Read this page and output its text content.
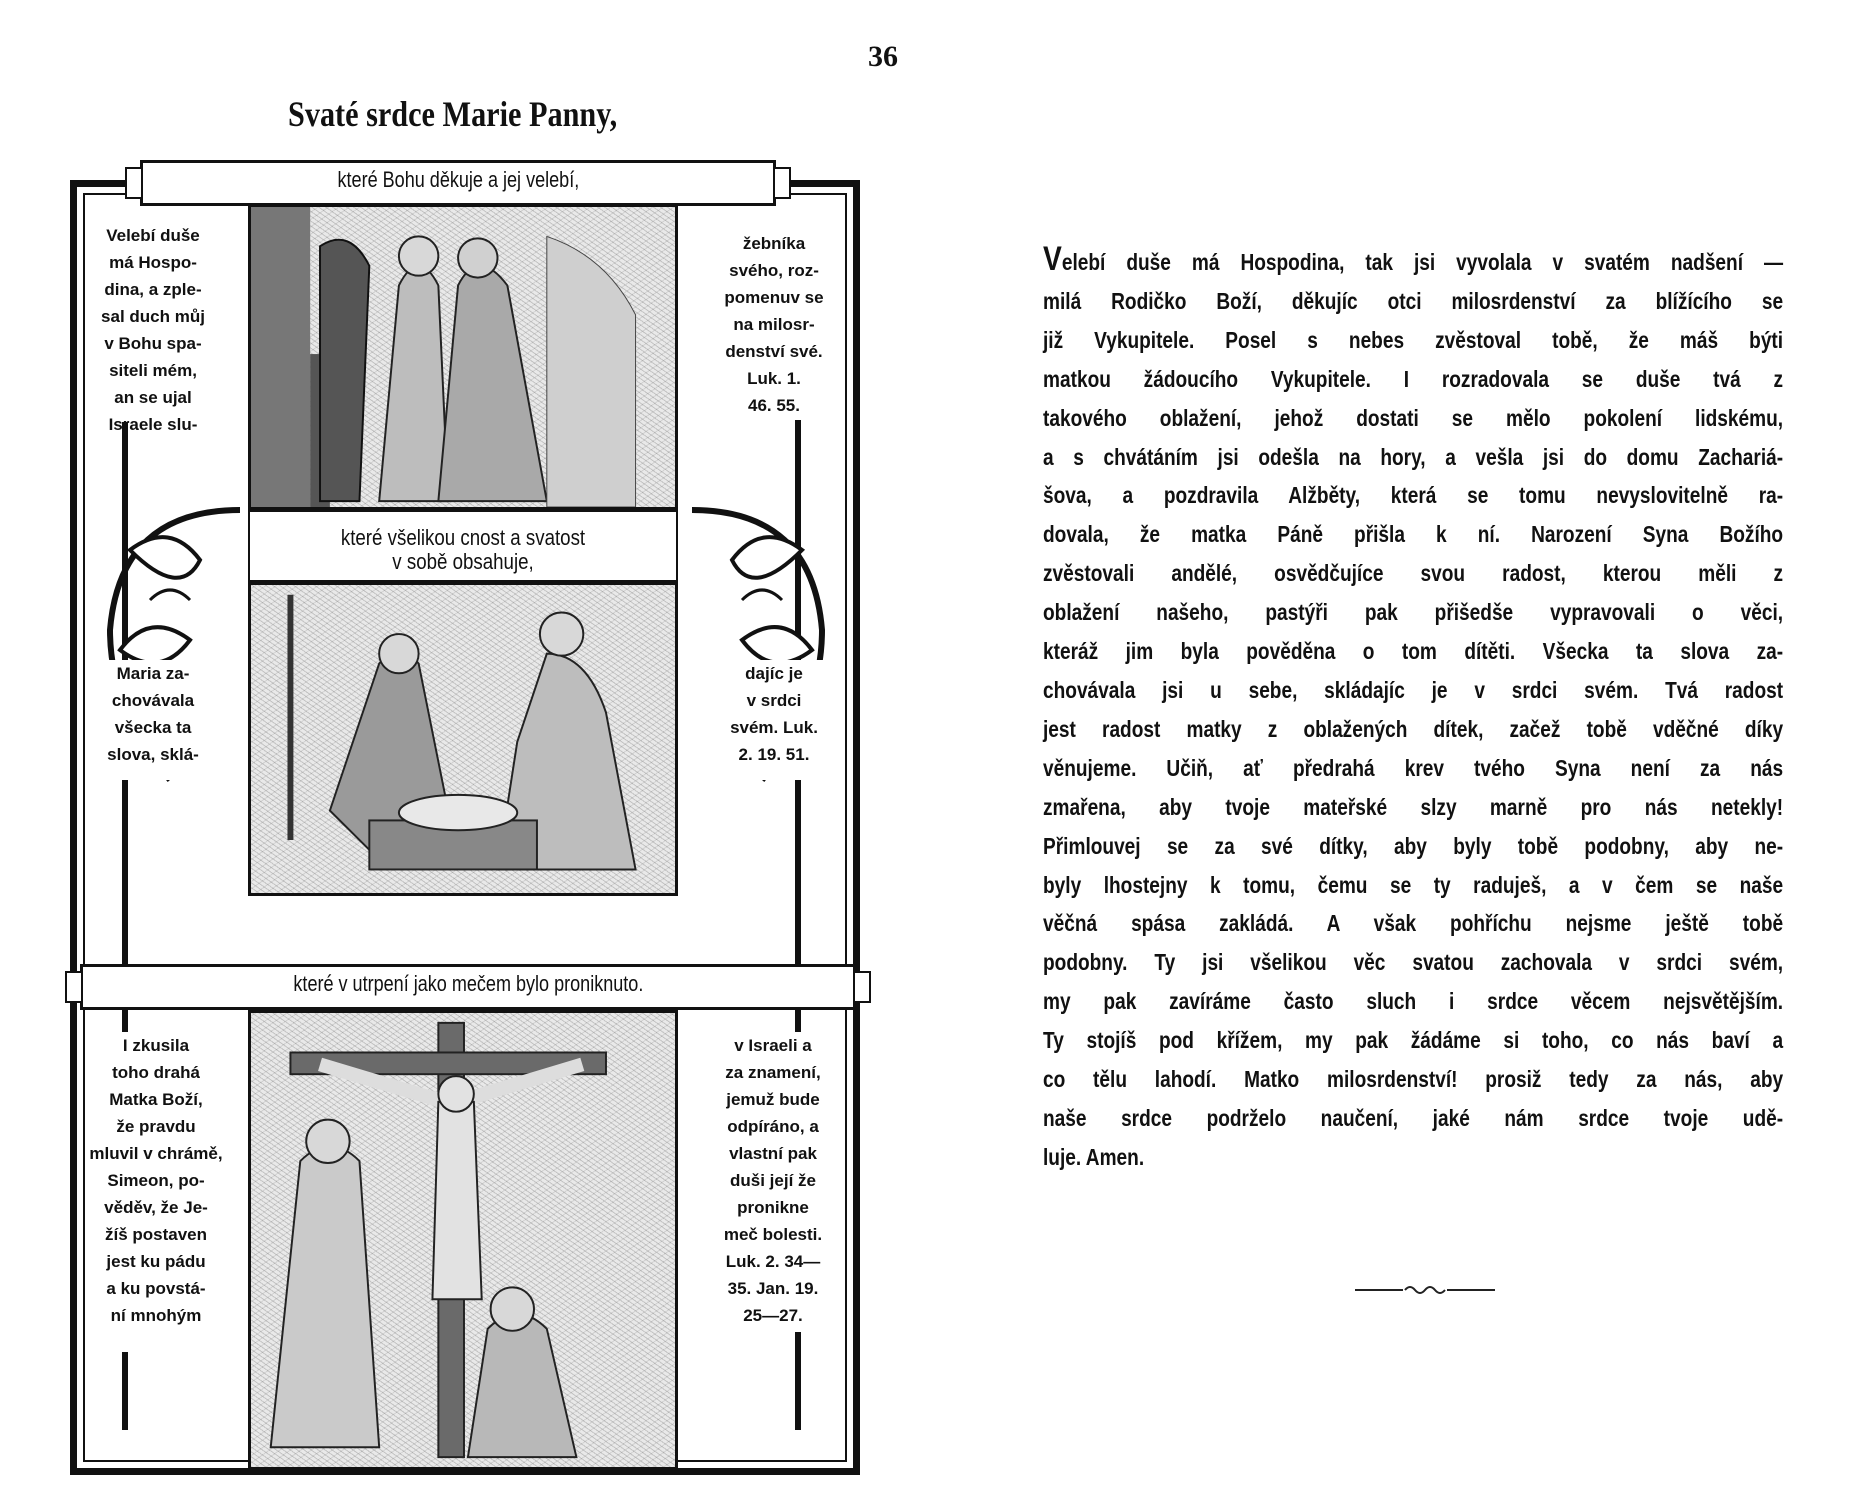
36
Svaté srdce Marie Panny,
které Bohu děkuje a jej velebí,
Velebí duše
má Hospo-
dina, a zple-
sal duch můj
v Bohu spa-
siteli mém,
an se ujal
Israele slu-
žebníka
svého, roz-
pomenuv se
na milosr-
denství své.
Luk. 1.
46. 55.
které všelikou cnost a svatost
v sobě obsahuje,
Maria za-
chovávala
všecka ta
slova, sklá-
dajíc je
v srdci
svém. Luk.
2. 19. 51.
které v utrpení jako mečem bylo proniknuto.
I zkusila
toho drahá
Matka Boží,
že pravdu
mluvil v chrámě,
Simeon, po-
věděv, že Je-
žíš postaven
jest ku pádu
a ku povstá-
ní mnohým
v Israeli a
za znamení,
jemuž bude
odpíráno, a
vlastní pak
duši její že
pronikne
meč bolesti.
Luk. 2. 34—
35. Jan. 19.
25—27.
Velebí duše má Hospodina, tak jsi vyvolala v svatém nadšení —
milá Rodičko Boží, děkujíc otci milosrdenství za blížícího se
již Vykupitele. Posel s nebes zvěstoval tobě, že máš býti
matkou žádoucího Vykupitele. I rozradovala se duše tvá z
takového oblažení, jehož dostati se mělo pokolení lidskému,
a s chvátáním jsi odešla na hory, a vešla jsi do domu Zachariá-
šova, a pozdravila Alžběty, která se tomu nevyslovitelně ra-
dovala, že matka Páně přišla k ní. Narození Syna Božího
zvěstovali andělé, osvědčujíce svou radost, kterou měli z
oblažení našeho, pastýři pak přišedše vypravovali o věci,
kteráž jim byla pověděna o tom dítěti. Všecka ta slova za-
chovávala jsi u sebe, skládajíc je v srdci svém. Tvá radost
jest radost matky z oblažených dítek, začež tobě vděčné díky
věnujeme. Učiň, ať předrahá krev tvého Syna není za nás
zmařena, aby tvoje mateřské slzy marně pro nás netekly!
Přimlouvej se za své dítky, aby byly tobě podobny, aby ne-
byly lhostejny k tomu, čemu se ty raduješ, a v čem se naše
věčná spása zakládá. A však pohříchu nejsme ještě tobě
podobny. Ty jsi všelikou věc svatou zachovala v srdci svém,
my pak zavíráme často sluch i srdce věcem nejsvětějším.
Ty stojíš pod křížem, my pak žádáme si toho, co nás baví a
co tělu lahodí. Matko milosrdenství! prosiž tedy za nás, aby
naše srdce podrželo naučení, jaké nám srdce tvoje udě-
luje. Amen.
